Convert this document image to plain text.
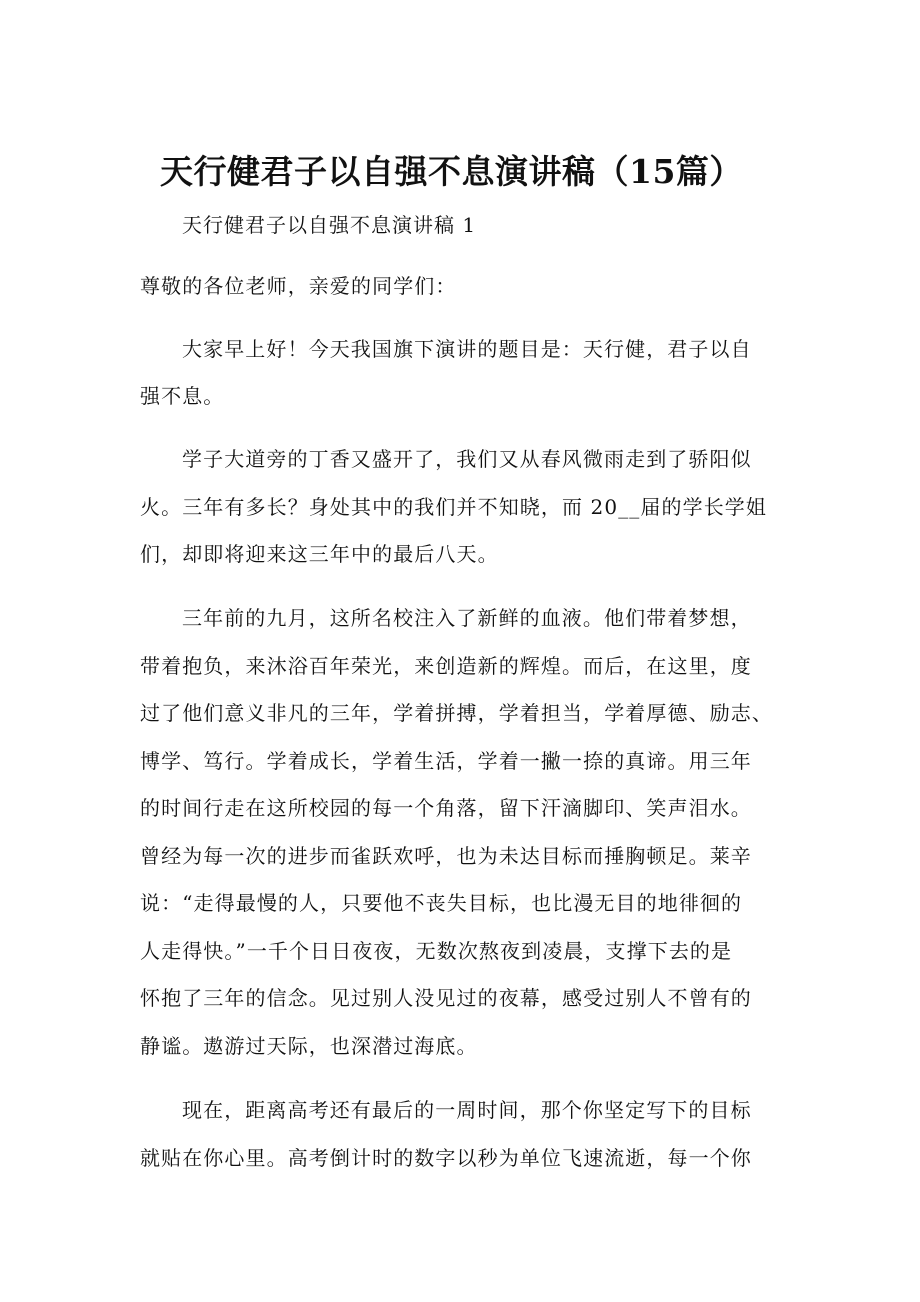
天行健君子以自强不息演讲稿（15篇）
天行健君子以自强不息演讲稿 1
尊敬的各位老师，亲爱的同学们：
大家早上好！今天我国旗下演讲的题目是：天行健，君子以自
强不息。
学子大道旁的丁香又盛开了，我们又从春风微雨走到了骄阳似
火。三年有多长？身处其中的我们并不知晓，而 20__届的学长学姐
们，却即将迎来这三年中的最后八天。
三年前的九月，这所名校注入了新鲜的血液。他们带着梦想，
带着抱负，来沐浴百年荣光，来创造新的辉煌。而后，在这里，度
过了他们意义非凡的三年，学着拼搏，学着担当，学着厚德、励志、
博学、笃行。学着成长，学着生活，学着一撇一捺的真谛。用三年
的时间行走在这所校园的每一个角落，留下汗滴脚印、笑声泪水。
曾经为每一次的进步而雀跃欢呼，也为未达目标而捶胸顿足。莱辛
说：“走得最慢的人，只要他不丧失目标，也比漫无目的地徘徊的
人走得快。”一千个日日夜夜，无数次熬夜到凌晨，支撑下去的是
怀抱了三年的信念。见过别人没见过的夜幕，感受过别人不曾有的
静谧。遨游过天际，也深潜过海底。
现在，距离高考还有最后的一周时间，那个你坚定写下的目标
就贴在你心里。高考倒计时的数字以秒为单位飞速流逝，每一个你
